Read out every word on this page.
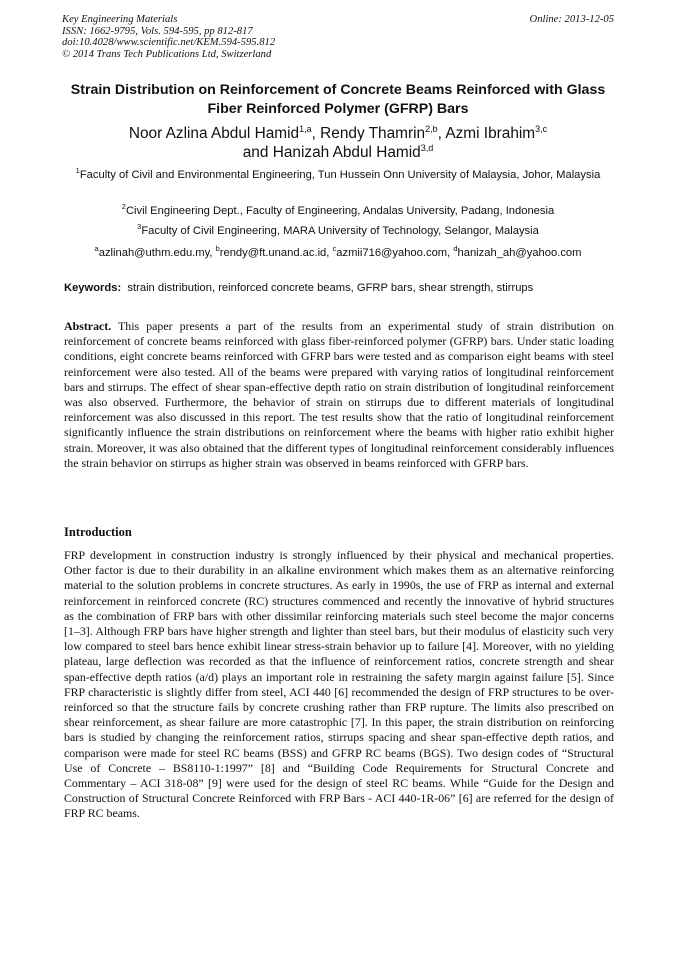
Key Engineering Materials
ISSN: 1662-9795, Vols. 594-595, pp 812-817
doi:10.4028/www.scientific.net/KEM.594-595.812
© 2014 Trans Tech Publications Ltd, Switzerland
Online: 2013-12-05
Strain Distribution on Reinforcement of Concrete Beams Reinforced with Glass Fiber Reinforced Polymer (GFRP) Bars
Noor Azlina Abdul Hamid$^{1,a}$, Rendy Thamrin$^{2,b}$, Azmi Ibrahim$^{3,c}$
and Hanizah Abdul Hamid$^{3,d}$
$^1$Faculty of Civil and Environmental Engineering, Tun Hussein Onn University of Malaysia, Johor, Malaysia
$^2$Civil Engineering Dept., Faculty of Engineering, Andalas University, Padang, Indonesia
$^3$Faculty of Civil Engineering, MARA University of Technology, Selangor, Malaysia
$^a$azlinah@uthm.edu.my, $^b$rendy@ft.unand.ac.id, $^c$azmii716@yahoo.com, $^d$hanizah_ah@yahoo.com
Keywords: strain distribution, reinforced concrete beams, GFRP bars, shear strength, stirrups
Abstract. This paper presents a part of the results from an experimental study of strain distribution on reinforcement of concrete beams reinforced with glass fiber-reinforced polymer (GFRP) bars. Under static loading conditions, eight concrete beams reinforced with GFRP bars were tested and as comparison eight beams with steel reinforcement were also tested. All of the beams were prepared with varying ratios of longitudinal reinforcement bars and stirrups. The effect of shear span-effective depth ratio on strain distribution of longitudinal reinforcement was also observed. Furthermore, the behavior of strain on stirrups due to different materials of longitudinal reinforcement was also discussed in this report. The test results show that the ratio of longitudinal reinforcement significantly influence the strain distributions on reinforcement where the beams with higher ratio exhibit higher strain. Moreover, it was also obtained that the different types of longitudinal reinforcement considerably influences the strain behavior on stirrups as higher strain was observed in beams reinforced with GFRP bars.
Introduction
FRP development in construction industry is strongly influenced by their physical and mechanical properties. Other factor is due to their durability in an alkaline environment which makes them as an alternative reinforcing material to the solution problems in concrete structures. As early in 1990s, the use of FRP as internal and external reinforcement in reinforced concrete (RC) structures commenced and recently the innovative of hybrid structures as the combination of FRP bars with other dissimilar reinforcing materials such steel become the major concerns [1–3]. Although FRP bars have higher strength and lighter than steel bars, but their modulus of elasticity such very low compared to steel bars hence exhibit linear stress-strain behavior up to failure [4]. Moreover, with no yielding plateau, large deflection was recorded as that the influence of reinforcement ratios, concrete strength and shear span-effective depth ratios (a/d) plays an important role in restraining the safety margin against failure [5]. Since FRP characteristic is slightly differ from steel, ACI 440 [6] recommended the design of FRP structures to be over-reinforced so that the structure fails by concrete crushing rather than FRP rupture. The limits also prescribed on shear reinforcement, as shear failure are more catastrophic [7]. In this paper, the strain distribution on reinforcing bars is studied by changing the reinforcement ratios, stirrups spacing and shear span-effective depth ratios, and comparison were made for steel RC beams (BSS) and GFRP RC beams (BGS). Two design codes of “Structural Use of Concrete – BS8110-1:1997” [8] and “Building Code Requirements for Structural Concrete and Commentary – ACI 318-08” [9] were used for the design of steel RC beams. While “Guide for the Design and Construction of Structural Concrete Reinforced with FRP Bars - ACI 440-1R-06” [6] are referred for the design of FRP RC beams.
